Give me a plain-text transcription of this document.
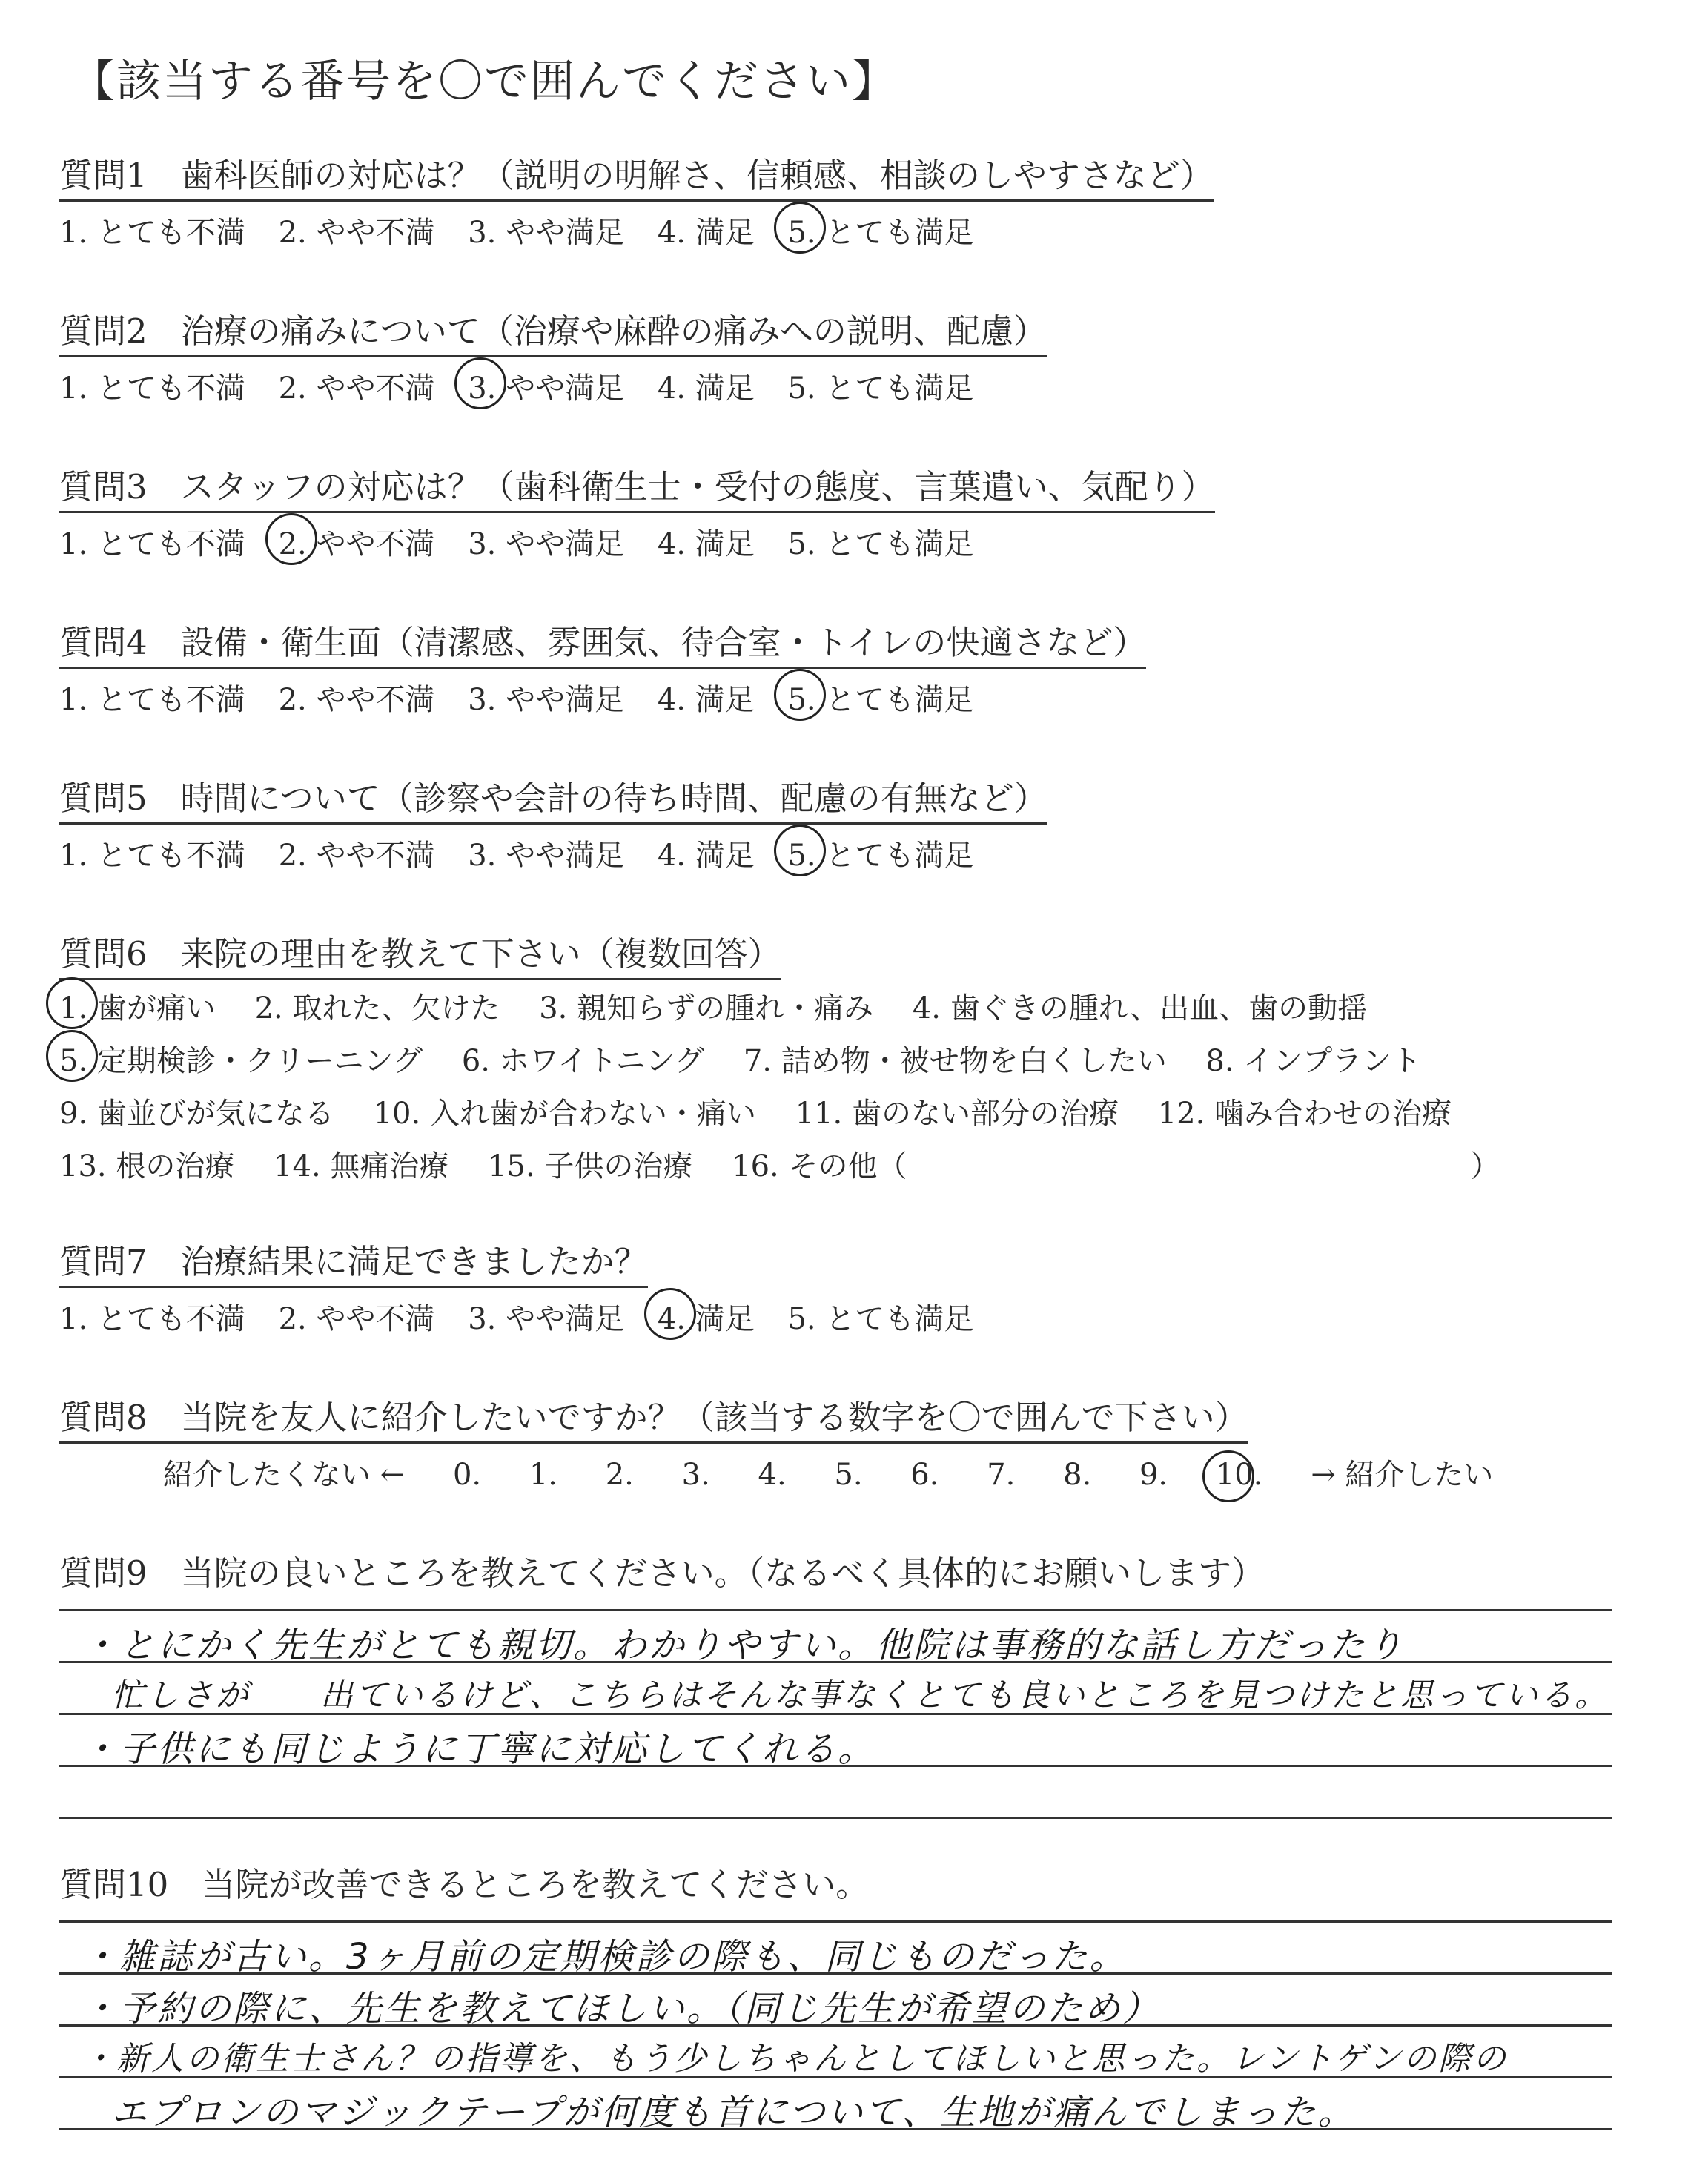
【該当する番号を〇で囲んでください】
質問1　歯科医師の対応は？（説明の明解さ、信頼感、相談のしやすさなど）
1. とても不満 2. やや不満 3. やや満足 4. 満足 5. とても満足
質問2　治療の痛みについて（治療や麻酔の痛みへの説明、配慮）
1. とても不満 2. やや不満 3. やや満足 4. 満足 5. とても満足
質問3　スタッフの対応は？（歯科衛生士・受付の態度、言葉遣い、気配り）
1. とても不満 2. やや不満 3. やや満足 4. 満足 5. とても満足
質問4　設備・衛生面（清潔感、雰囲気、待合室・トイレの快適さなど）
1. とても不満 2. やや不満 3. やや満足 4. 満足 5. とても満足
質問5　時間について（診察や会計の待ち時間、配慮の有無など）
1. とても不満 2. やや不満 3. やや満足 4. 満足 5. とても満足
質問6　来院の理由を教えて下さい（複数回答）
1. 歯が痛い 2. 取れた、欠けた 3. 親知らずの腫れ・痛み 4. 歯ぐきの腫れ、出血、歯の動揺
5. 定期検診・クリーニング 6. ホワイトニング 7. 詰め物・被せ物を白くしたい 8. インプラント
9. 歯並びが気になる 10. 入れ歯が合わない・痛い 11. 歯のない部分の治療 12. 噛み合わせの治療
13. 根の治療 14. 無痛治療 15. 子供の治療 16. その他（　　　　　　　　　　　　　　　　　　　）
質問7　治療結果に満足できましたか？
1. とても不満 2. やや不満 3. やや満足 4. 満足 5. とても満足
質問8　当院を友人に紹介したいですか？（該当する数字を〇で囲んで下さい）
紹介したくない ← 0. 1. 2. 3. 4. 5. 6. 7. 8. 9. 10. → 紹介したい
質問9　当院の良いところを教えてください。（なるべく具体的にお願いします）
・とにかく先生がとても親切。わかりやすい。他院は事務的な話し方だったり
忙しさが　　出ているけど、こちらはそんな事なくとても良いところを見つけたと思っている。
・子供にも同じように丁寧に対応してくれる。
質問10　当院が改善できるところを教えてください。
・雑誌が古い。3ヶ月前の定期検診の際も、同じものだった。
・予約の際に、先生を教えてほしい。（同じ先生が希望のため）
・新人の衛生士さん？の指導を、もう少しちゃんとしてほしいと思った。レントゲンの際の
エプロンのマジックテープが何度も首について、生地が痛んでしまった。
